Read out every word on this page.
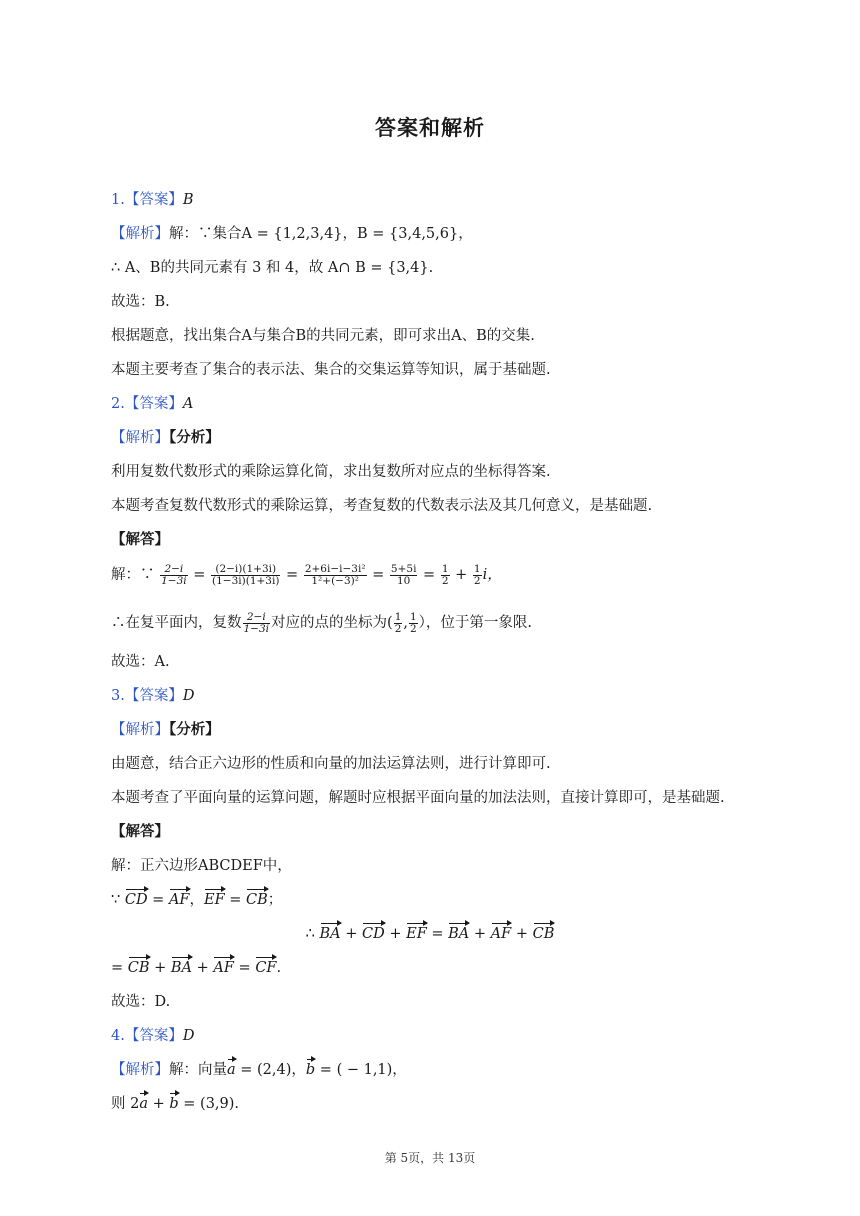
答案和解析
1.【答案】B
【解析】解：∵集合A = {1,2,3,4}，B = {3,4,5,6}，
∴ A、B的共同元素有 3 和 4，故 A∩ B = {3,4}.
故选：B.
根据题意，找出集合A与集合B的共同元素，即可求出A、B的交集.
本题主要考查了集合的表示法、集合的交集运算等知识，属于基础题.
2.【答案】A
【解析】【分析】
利用复数代数形式的乘除运算化简，求出复数所对应点的坐标得答案.
本题考查复数代数形式的乘除运算，考查复数的代数表示法及其几何意义，是基础题.
【解答】
解：∵ $\frac{2-i}{1-3i} = \frac{(2-i)(1+3i)}{(1-3i)(1+3i)} = \frac{\text{2+6i−i−3i²}}{\text{1²+(−3)²}} = \frac{5+5i}{10} = \frac{1}{2} + \frac{1}{2}$ i，
∴在复平面内，复数 $\frac{2-i}{1-3i}$ 对应的点的坐标为( $\frac{1}{2}$ , $\frac{1}{2}$ ），位于第一象限.
故选：A.
3.【答案】D
【解析】【分析】
由题意，结合正六边形的性质和向量的加法运算法则，进行计算即可.
本题考查了平面向量的运算问题，解题时应根据平面向量的加法法则，直接计算即可，是基础题.
【解答】
解：正六边形ABCDEF中，
∵ CD = AF，EF = CB；
∴ BA + CD + EF = BA + AF + CB
= CB + BA + AF = CF.
故选：D.
4.【答案】D
【解析】解：向量a = (2,4)，b = ( − 1,1)，
则 2a + b = (3,9).
第 5页，共 13页
